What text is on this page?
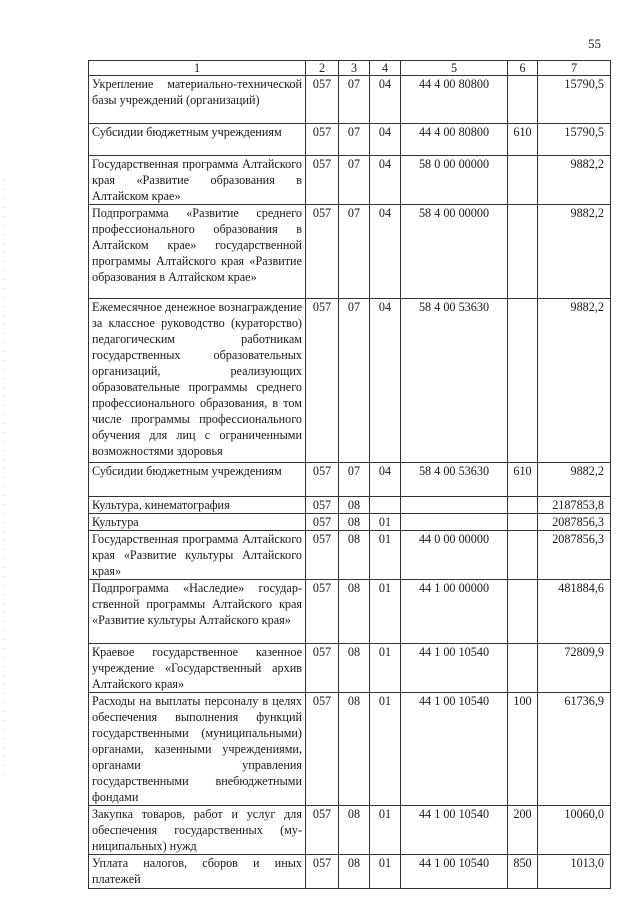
55
1	2	3	4	5	6	7
Укрепление материально-технической базы учреждений (организаций)	057	07	04	44 4 00 80800		15790,5
Субсидии бюджетным учреждениям	057	07	04	44 4 00 80800	610	15790,5
Государственная программа Алтайского края «Развитие образования в Алтайском крае»	057	07	04	58 0 00 00000		9882,2
Подпрограмма «Развитие среднего профессионального образования в Алтайском крае» государственной программы Алтайского края «Развитие образования в Алтайском крае»	057	07	04	58 4 00 00000		9882,2
Ежемесячное денежное вознаграждение за классное руководство (кураторство) педагогическим работникам государственных образовательных организаций, реализующих образовательные программы среднего профессионального образования, в том числе программы профессионального обучения для лиц с ограниченными возможностями здоровья	057	07	04	58 4 00 53630		9882,2
Субсидии бюджетным учреждениям	057	07	04	58 4 00 53630	610	9882,2
Культура, кинематография	057	08				2187853,8
Культура	057	08	01			2087856,3
Государственная программа Алтайского края «Развитие культуры Алтайского края»	057	08	01	44 0 00 00000		2087856,3
Подпрограмма «Наследие» государственной программы Алтайского края «Развитие культуры Алтайского края»	057	08	01	44 1 00 00000		481884,6
Краевое государственное казенное учреждение «Государственный архив Алтайского края»	057	08	01	44 1 00 10540		72809,9
Расходы на выплаты персоналу в целях обеспечения выполнения функций государственными (муниципальными) органами, казенными учреждениями, органами управления государственными внебюджетными фондами	057	08	01	44 1 00 10540	100	61736,9
Закупка товаров, работ и услуг для обеспечения государственных (муниципальных) нужд	057	08	01	44 1 00 10540	200	10060,0
Уплата налогов, сборов и иных платежей	057	08	01	44 1 00 10540	850	1013,0
